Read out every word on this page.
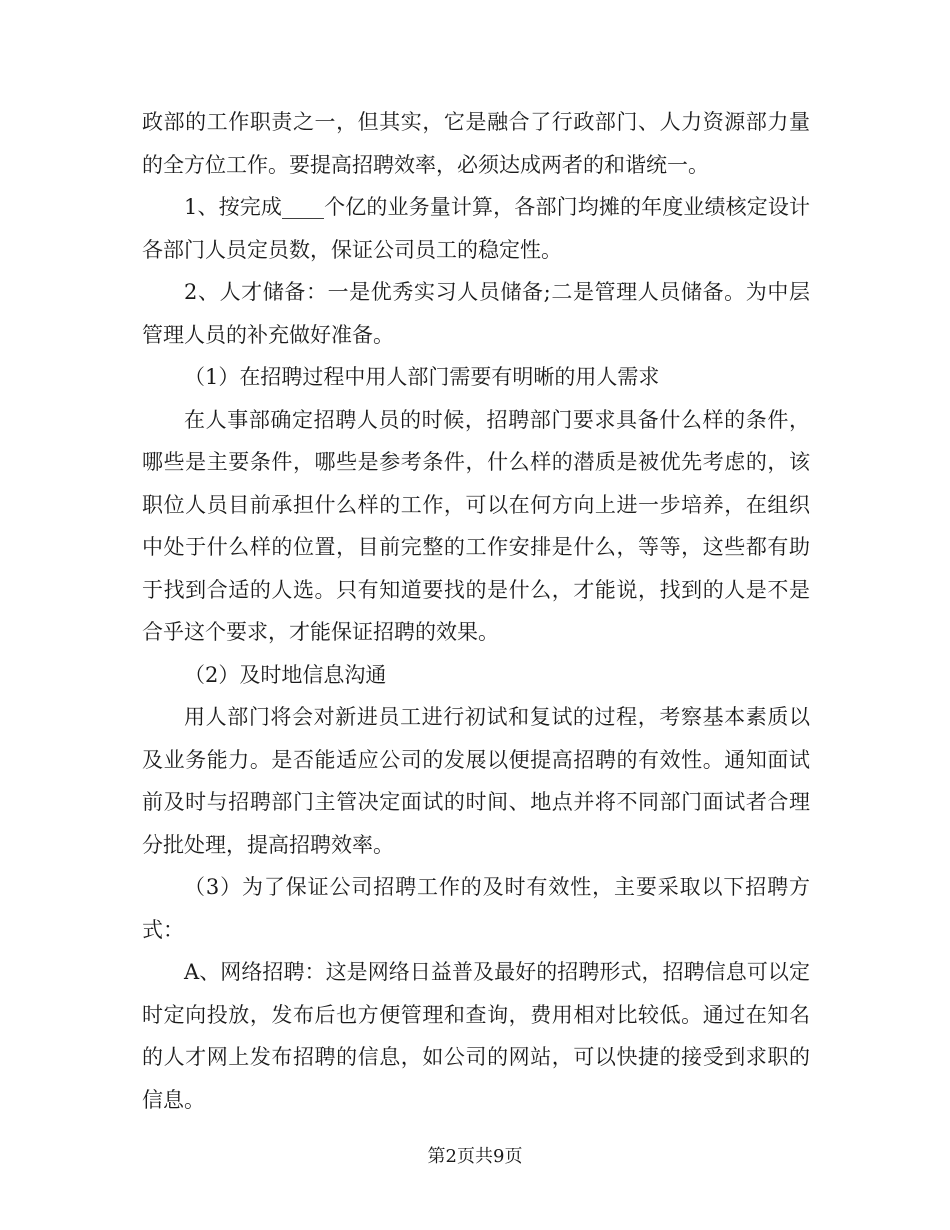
政部的工作职责之一，但其实，它是融合了行政部门、人力资源部力量的全方位工作。要提高招聘效率，必须达成两者的和谐统一。

1、按完成____个亿的业务量计算，各部门均摊的年度业绩核定设计各部门人员定员数，保证公司员工的稳定性。

2、人才储备：一是优秀实习人员储备;二是管理人员储备。为中层管理人员的补充做好准备。

（1）在招聘过程中用人部门需要有明晰的用人需求

在人事部确定招聘人员的时候，招聘部门要求具备什么样的条件，哪些是主要条件，哪些是参考条件，什么样的潜质是被优先考虑的，该职位人员目前承担什么样的工作，可以在何方向上进一步培养，在组织中处于什么样的位置，目前完整的工作安排是什么，等等，这些都有助于找到合适的人选。只有知道要找的是什么，才能说，找到的人是不是合乎这个要求，才能保证招聘的效果。

（2）及时地信息沟通

用人部门将会对新进员工进行初试和复试的过程，考察基本素质以及业务能力。是否能适应公司的发展以便提高招聘的有效性。通知面试前及时与招聘部门主管决定面试的时间、地点并将不同部门面试者合理分批处理，提高招聘效率。

（3）为了保证公司招聘工作的及时有效性，主要采取以下招聘方式：

A、网络招聘：这是网络日益普及最好的招聘形式，招聘信息可以定时定向投放，发布后也方便管理和查询，费用相对比较低。通过在知名的人才网上发布招聘的信息，如公司的网站，可以快捷的接受到求职的信息。

第2页共9页
